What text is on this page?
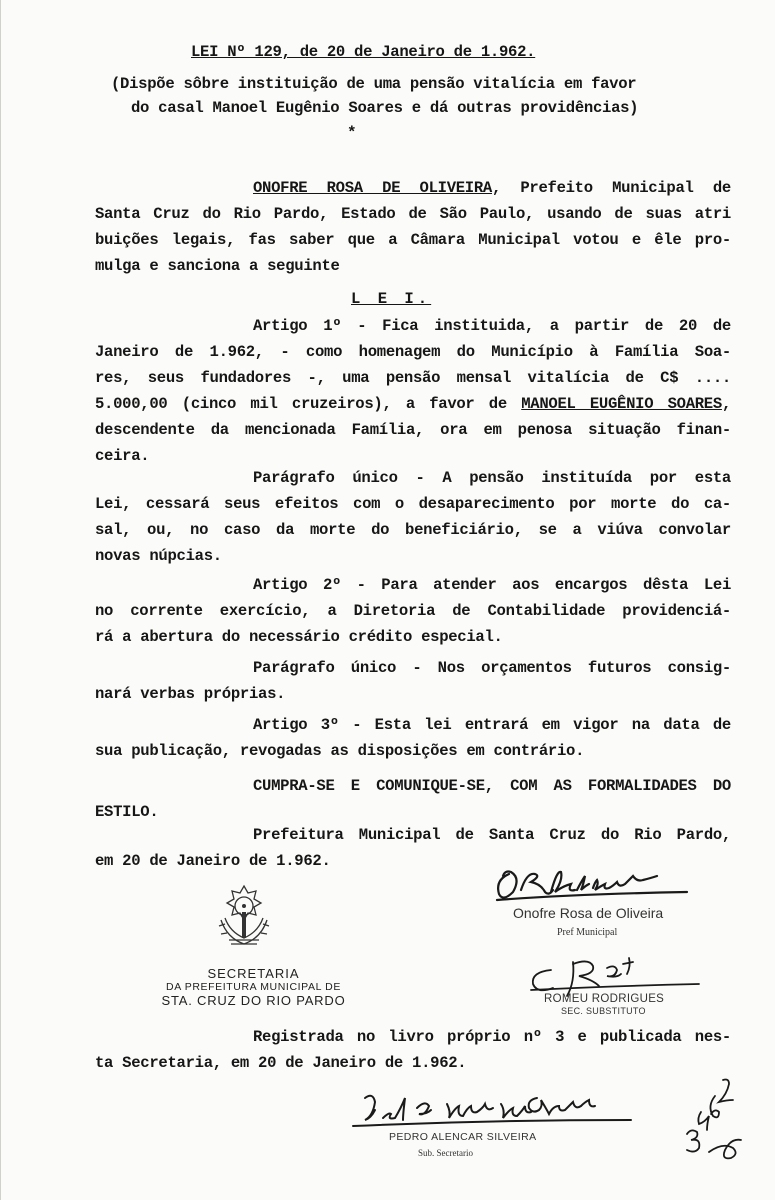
LEI Nº 129, de 20 de Janeiro de 1.962.
(Dispõe sôbre instituição de uma pensão vitalícia em favor
do casal Manoel Eugênio Soares e dá outras providências)
*
ONOFRE ROSA DE OLIVEIRA, Prefeito Municipal de
Santa Cruz do Rio Pardo, Estado de São Paulo, usando de suas atri
buições legais, fas saber que a Câmara Municipal votou e êle pro-
mulga e sanciona a seguinte
L E I.
Artigo 1º - Fica instituida, a partir de 20 de
Janeiro de 1.962, - como homenagem do Município à Família Soa-
res, seus fundadores -, uma pensão mensal vitalícia de C$ ....
5.000,00 (cinco mil cruzeiros), a favor de MANOEL EUGÊNIO SOARES,
descendente da mencionada Família, ora em penosa situação finan-
ceira.
Parágrafo único - A pensão instituída por esta
Lei, cessará seus efeitos com o desaparecimento por morte do ca-
sal, ou, no caso da morte do beneficiário, se a viúva convolar
novas núpcias.
Artigo 2º - Para atender aos encargos dêsta Lei
no corrente exercício, a Diretoria de Contabilidade providenciá-
rá a abertura do necessário crédito especial.
Parágrafo único - Nos orçamentos futuros consig-
nará verbas próprias.
Artigo 3º - Esta lei entrará em vigor na data de
sua publicação, revogadas as disposições em contrário.
CUMPRA-SE E COMUNIQUE-SE, COM AS FORMALIDADES DO
ESTILO.
Prefeitura Municipal de Santa Cruz do Rio Pardo,
em 20 de Janeiro de 1.962.
SECRETARIA
DA PREFEITURA MUNICIPAL DE
STA. CRUZ DO RIO PARDO
Onofre Rosa de Oliveira
Pref Municipal
ROMEU RODRIGUES
SEC. SUBSTITUTO
Registrada no livro próprio nº 3 e publicada nes-
ta Secretaria, em 20 de Janeiro de 1.962.
PEDRO ALENCAR SILVEIRA
Sub. Secretario
